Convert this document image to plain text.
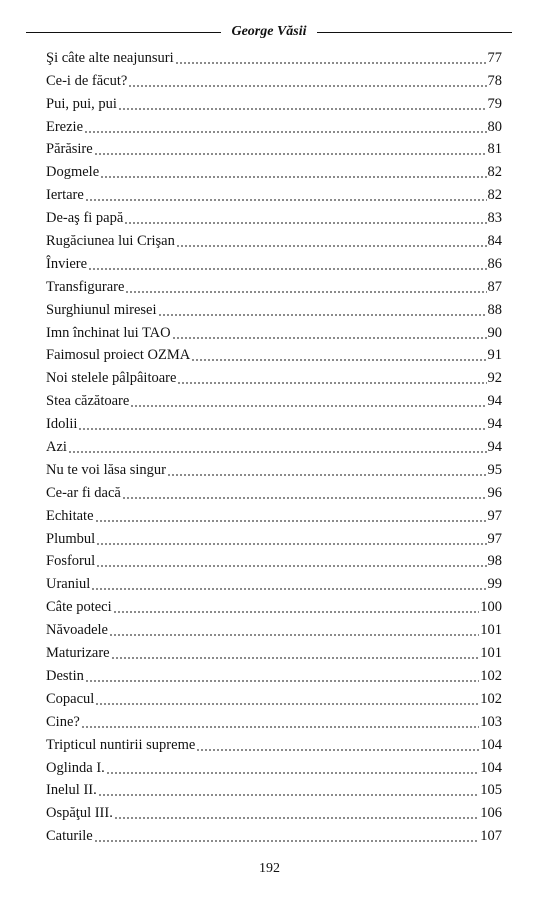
George Văsii
Şi câte alte neajunsuri	77
Ce-i de făcut?	78
Pui, pui, pui	79
Erezie	80
Părăsire	81
Dogmele	82
Iertare	82
De-aş fi papă	83
Rugăciunea lui Crişan	84
Înviere	86
Transfigurare	87
Surghiunul miresei	88
Imn închinat lui TAO	90
Faimosul proiect OZMA	91
Noi stelele pâlpâitoare	92
Stea căzătoare	94
Idolii	94
Azi	94
Nu te voi lăsa singur	95
Ce-ar fi dacă	96
Echitate	97
Plumbul	97
Fosforul	98
Uraniul	99
Câte poteci	100
Năvoadele	101
Maturizare	101
Destin	102
Copacul	102
Cine?	103
Tripticul nuntirii supreme	104
Oglinda I.	104
Inelul II.	105
Ospăţul III.	106
Caturile	107
192
